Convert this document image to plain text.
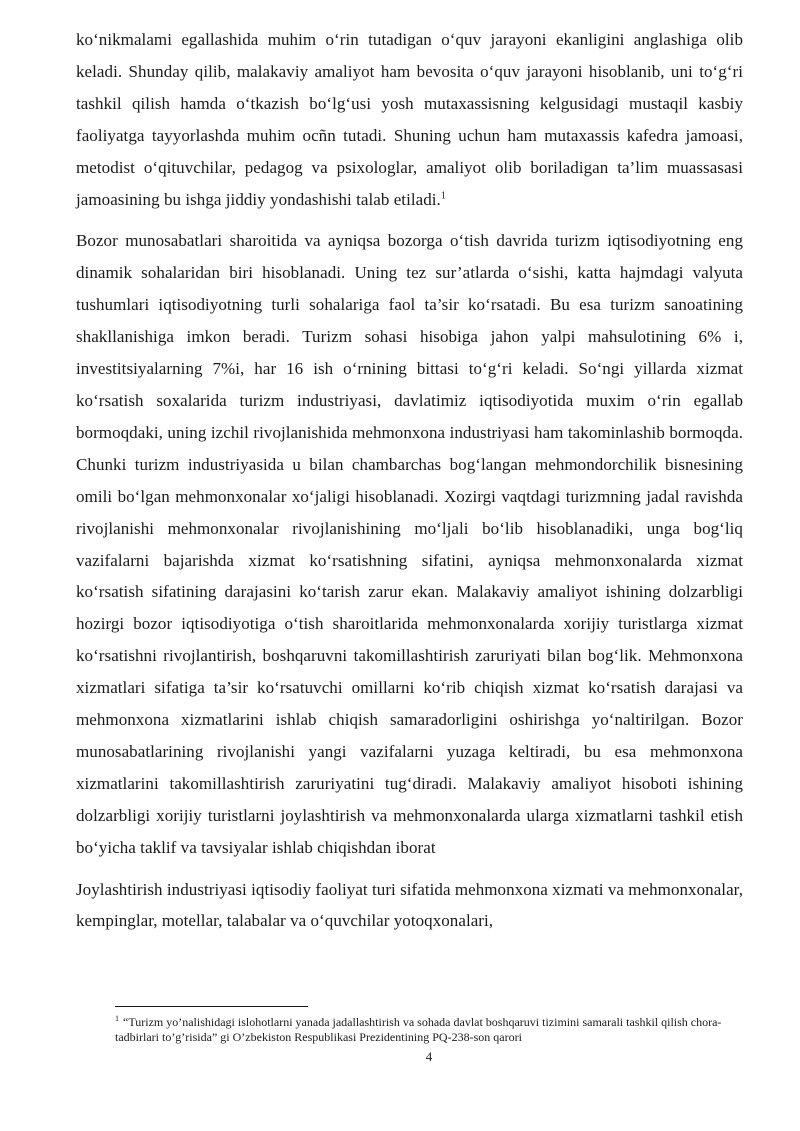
ko‘nikmalami egallashida muhim o‘rin tutadigan o‘quv jarayoni ekanligini anglashiga olib keladi. Shunday qilib, malakaviy amaliyot ham bevosita o‘quv jarayoni hisoblanib, uni to‘g‘ri tashkil qilish hamda o‘tkazish bo‘lg‘usi yosh mutaxassisning kelgusidagi mustaqil kasbiy faoliyatga tayyorlashda muhim ocñn tutadi. Shuning uchun ham mutaxassis kafedra jamoasi, metodist o‘qituvchilar, pedagog va psixologlar, amaliyot olib boriladigan ta’lim muassasasi jamoasining bu ishga jiddiy yondashishi talab etiladi.$^1$

Bozor munosabatlari sharoitida va ayniqsa bozorga o‘tish davrida turizm iqtisodiyotning eng dinamik sohalaridan biri hisoblanadi. Uning tez sur’atlarda o‘sishi, katta hajmdagi valyuta tushumlari iqtisodiyotning turli sohalariga faol ta’sir ko‘rsatadi. Bu esa turizm sanoatining shakllanishiga imkon beradi. Turizm sohasi hisobiga jahon yalpi mahsulotining 6% i, investitsiyalarning 7%i, har 16 ish o‘rnining bittasi to‘g‘ri keladi. So‘ngi yillarda xizmat ko‘rsatish soxalarida turizm industriyasi, davlatimiz iqtisodiyotida muxim o‘rin egallab bormoqdaki, uning izchil rivojlanishida mehmonxona industriyasi ham takominlashib bormoqda. Chunki turizm industriyasida u bilan chambarchas bog‘langan mehmondorchilik bisnesining omili bo‘lgan mehmonxonalar xo‘jaligi hisoblanadi. Xozirgi vaqtdagi turizmning jadal ravishda rivojlanishi mehmonxonalar rivojlanishining mo‘ljali bo‘lib hisoblanadiki, unga bog‘liq vazifalarni bajarishda xizmat ko‘rsatishning sifatini, ayniqsa mehmonxonalarda xizmat ko‘rsatish sifatining darajasini ko‘tarish zarur ekan. Malakaviy amaliyot ishining dolzarbligi hozirgi bozor iqtisodiyotiga o‘tish sharoitlarida mehmonxonalarda xorijiy turistlarga xizmat ko‘rsatishni rivojlantirish, boshqaruvni takomillashtirish zaruriyati bilan bog‘lik. Mehmonxona xizmatlari sifatiga ta’sir ko‘rsatuvchi omillarni ko‘rib chiqish xizmat ko‘rsatish darajasi va mehmonxona xizmatlarini ishlab chiqish samaradorligini oshirishga yo‘naltirilgan. Bozor munosabatlarining rivojlanishi yangi vazifalarni yuzaga keltiradi, bu esa mehmonxona xizmatlarini takomillashtirish zaruriyatini tug‘diradi. Malakaviy amaliyot hisoboti ishining dolzarbligi xorijiy turistlarni joylashtirish va mehmonxonalarda ularga xizmatlarni tashkil etish bo‘yicha taklif va tavsiyalar ishlab chiqishdan iborat

Joylashtirish industriyasi iqtisodiy faoliyat turi sifatida mehmonxona xizmati va mehmonxonalar, kempinglar, motellar, talabalar va o‘quvchilar yotoqxonalari,

$^1$ “Turizm yo’nalishidagi islohotlarni yanada jadallashtirish va sohada davlat boshqaruvi tizimini samarali tashkil qilish chora-tadbirlari to’g’risida” gi O’zbekiston Respublikasi Prezidentining PQ-238-son qarori
4
